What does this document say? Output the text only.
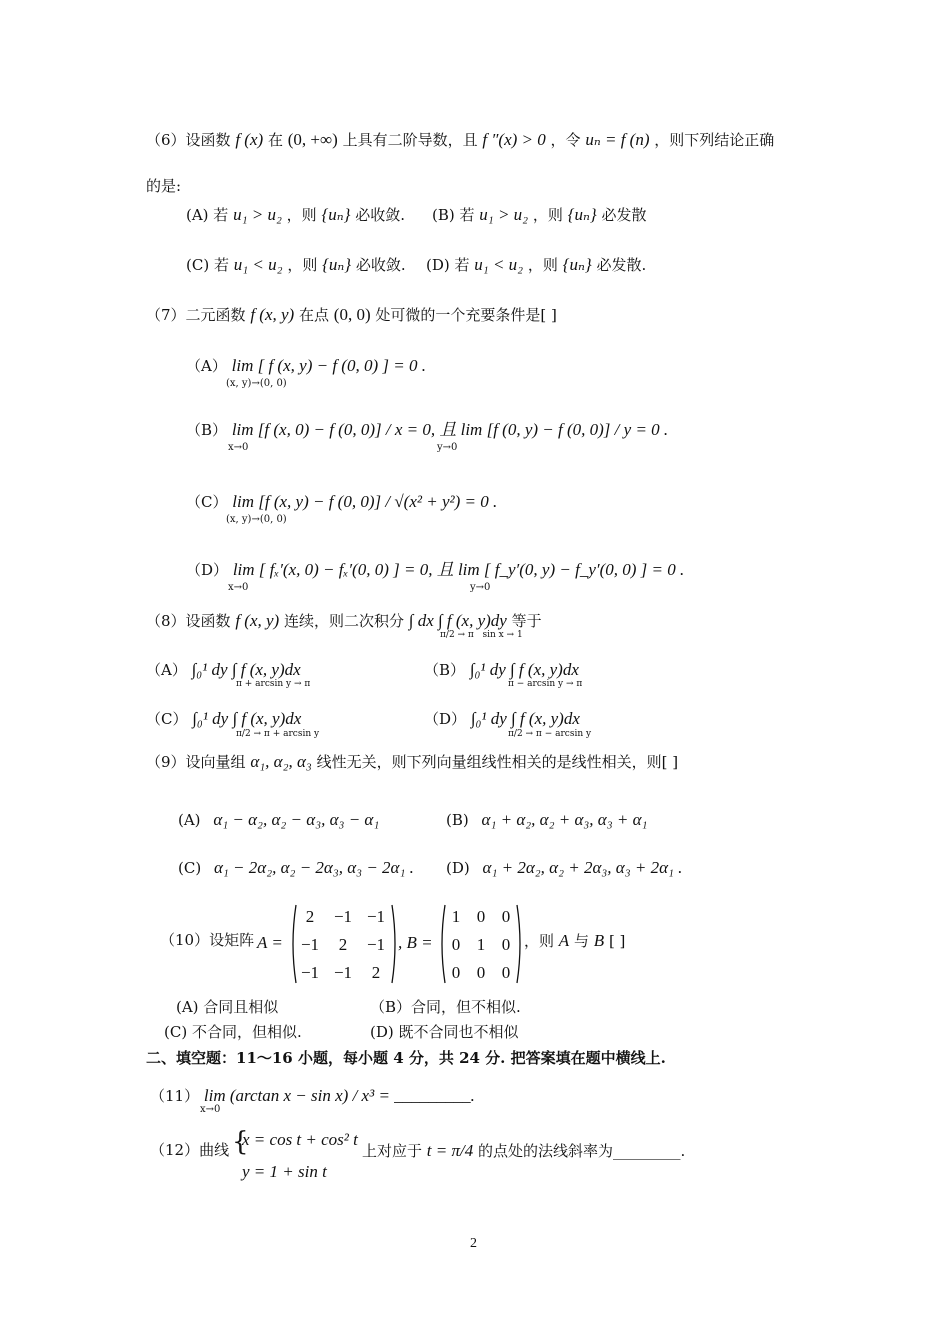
（6）设函数 f (x) 在 (0, +∞) 上具有二阶导数，且 f ″(x) > 0 ，令 uₙ = f (n) ，则下列结论正确
的是:
(A) 若 u₁ > u₂ ，则 {uₙ} 必收敛. (B) 若 u₁ > u₂ ，则 {uₙ} 必发散
(C) 若 u₁ < u₂ ，则 {uₙ} 必收敛. (D) 若 u₁ < u₂ ，则 {uₙ} 必发散.
（7）二元函数 f (x, y) 在点 (0, 0) 处可微的一个充要条件是[ ]
（A） lim [ f (x, y) − f (0, 0) ] = 0 .
(x, y)→(0, 0)
（B） lim [f (x, 0) − f (0, 0)] / x = 0, 且 lim [f (0, y) − f (0, 0)] / y = 0 .
x→0	y→0
（C） lim [f (x, y) − f (0, 0)] / √(x² + y²) = 0 .
(x, y)→(0, 0)
（D） lim [ fₓ′(x, 0) − fₓ′(0, 0) ] = 0, 且 lim [ f_y′(0, y) − f_y′(0, 0) ] = 0 .
x→0	y→0
（8）设函数 f (x, y) 连续，则二次积分 ∫ dx ∫ f (x, y)dy 等于
π/2 → π sin x → 1
（A） ∫₀¹ dy ∫ f (x, y)dx
π + arcsin y → π
（B） ∫₀¹ dy ∫ f (x, y)dx
π − arcsin y → π
（C） ∫₀¹ dy ∫ f (x, y)dx
π/2 → π + arcsin y
（D） ∫₀¹ dy ∫ f (x, y)dx
π/2 → π − arcsin y
（9）设向量组 α₁, α₂, α₃ 线性无关，则下列向量组线性相关的是线性相关，则[ ]
(A) α₁ − α₂, α₂ − α₃, α₃ − α₁	(B) α₁ + α₂, α₂ + α₃, α₃ + α₁
(C) α₁ − 2α₂, α₂ − 2α₃, α₃ − 2α₁ . (D) α₁ + 2α₂, α₂ + 2α₃, α₃ + 2α₁ .
（10）设矩阵 A =
2 −1 −1
−1 2 −1
−1 −1 2
, B =
1 0 0
0 1 0
0 0 0
，则 A 与 B [ ]
(A) 合同且相似	（B）合同，但不相似.
(C) 不合同，但相似.	(D) 既不合同也不相似
二、填空题：11～16 小题，每小题 4 分，共 24 分. 把答案填在题中横线上.
（11） lim (arctan x − sin x) / x³ = _________.
x→0
（12）曲线 {
x = cos t + cos² t
y = 1 + sin t
上对应于 t = π/4 的点处的法线斜率为_________.
2
